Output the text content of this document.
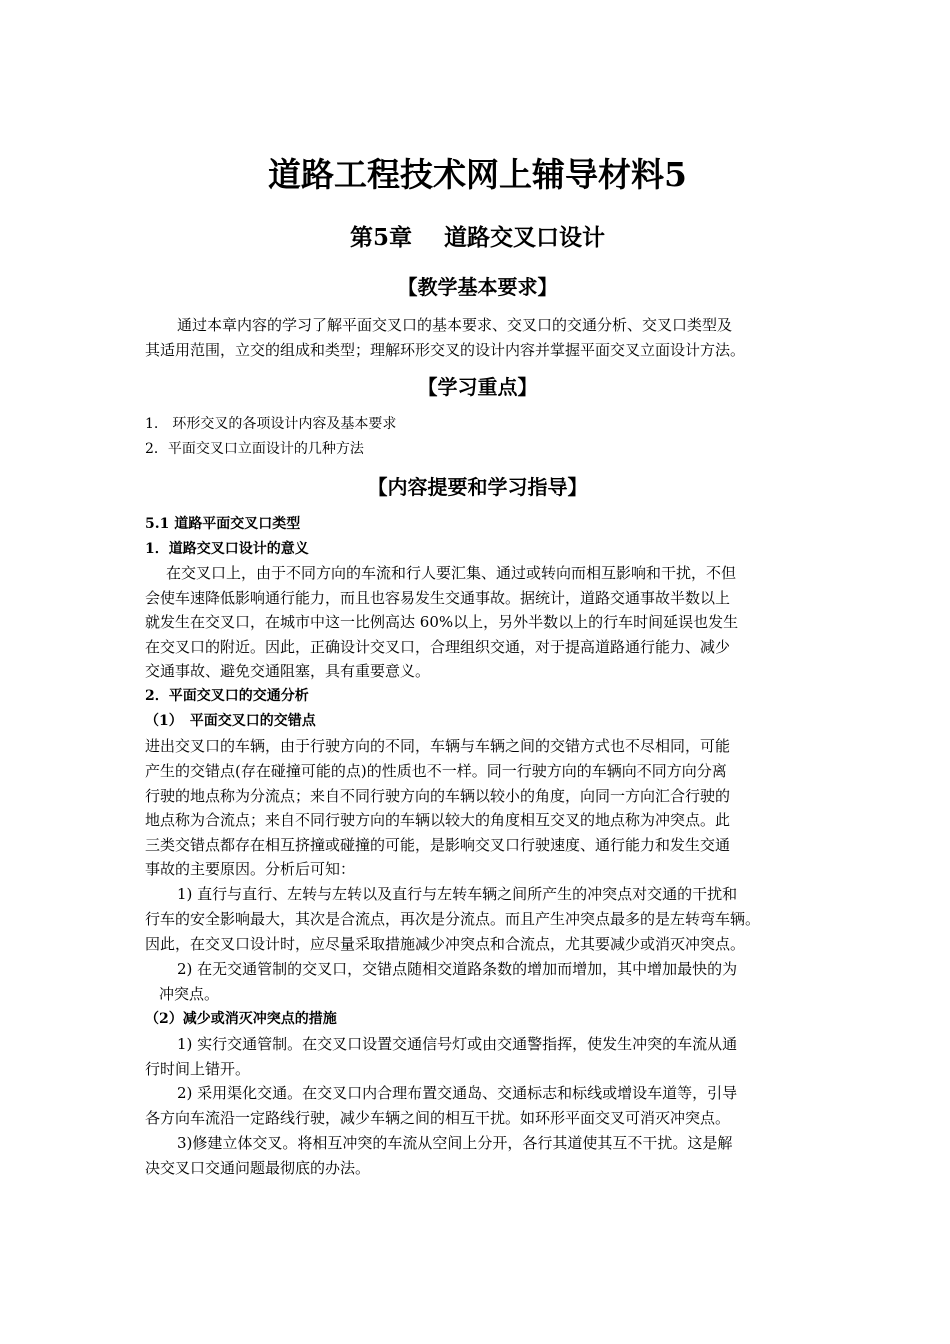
道路工程技术网上辅导材料5
第5章    道路交叉口设计
【教学基本要求】
通过本章内容的学习了解平面交叉口的基本要求、交叉口的交通分析、交叉口类型及
其适用范围，立交的组成和类型；理解环形交叉的设计内容并掌握平面交叉立面设计方法。
【学习重点】
1.　环形交叉的各项设计内容及基本要求
2．平面交叉口立面设计的几种方法
【内容提要和学习指导】
5.1 道路平面交叉口类型
1．道路交叉口设计的意义
在交叉口上，由于不同方向的车流和行人要汇集、通过或转向而相互影响和干扰，不但
会使车速降低影响通行能力，而且也容易发生交通事故。据统计，道路交通事故半数以上
就发生在交叉口，在城市中这一比例高达 60%以上，另外半数以上的行车时间延误也发生
在交叉口的附近。因此，正确设计交叉口，合理组织交通，对于提高道路通行能力、减少
交通事故、避免交通阻塞，具有重要意义。
2．平面交叉口的交通分析
（1）　平面交叉口的交错点
进出交叉口的车辆，由于行驶方向的不同，车辆与车辆之间的交错方式也不尽相同，可能
产生的交错点(存在碰撞可能的点)的性质也不一样。同一行驶方向的车辆向不同方向分离
行驶的地点称为分流点；来自不同行驶方向的车辆以较小的角度，向同一方向汇合行驶的
地点称为合流点；来自不同行驶方向的车辆以较大的角度相互交叉的地点称为冲突点。此
三类交错点都存在相互挤撞或碰撞的可能，是影响交叉口行驶速度、通行能力和发生交通
事故的主要原因。分析后可知：
1) 直行与直行、左转与左转以及直行与左转车辆之间所产生的冲突点对交通的干扰和
行车的安全影响最大，其次是合流点，再次是分流点。而且产生冲突点最多的是左转弯车辆。
因此，在交叉口设计时，应尽量采取措施减少冲突点和合流点，尤其要减少或消灭冲突点。
2) 在无交通管制的交叉口，交错点随相交道路条数的增加而增加，其中增加最快的为
冲突点。
（2）减少或消灭冲突点的措施
1) 实行交通管制。在交叉口设置交通信号灯或由交通警指挥，使发生冲突的车流从通
行时间上错开。
2) 采用渠化交通。在交叉口内合理布置交通岛、交通标志和标线或增设车道等，引导
各方向车流沿一定路线行驶，减少车辆之间的相互干扰。如环形平面交叉可消灭冲突点。
3)修建立体交叉。将相互冲突的车流从空间上分开，各行其道使其互不干扰。这是解
决交叉口交通问题最彻底的办法。
